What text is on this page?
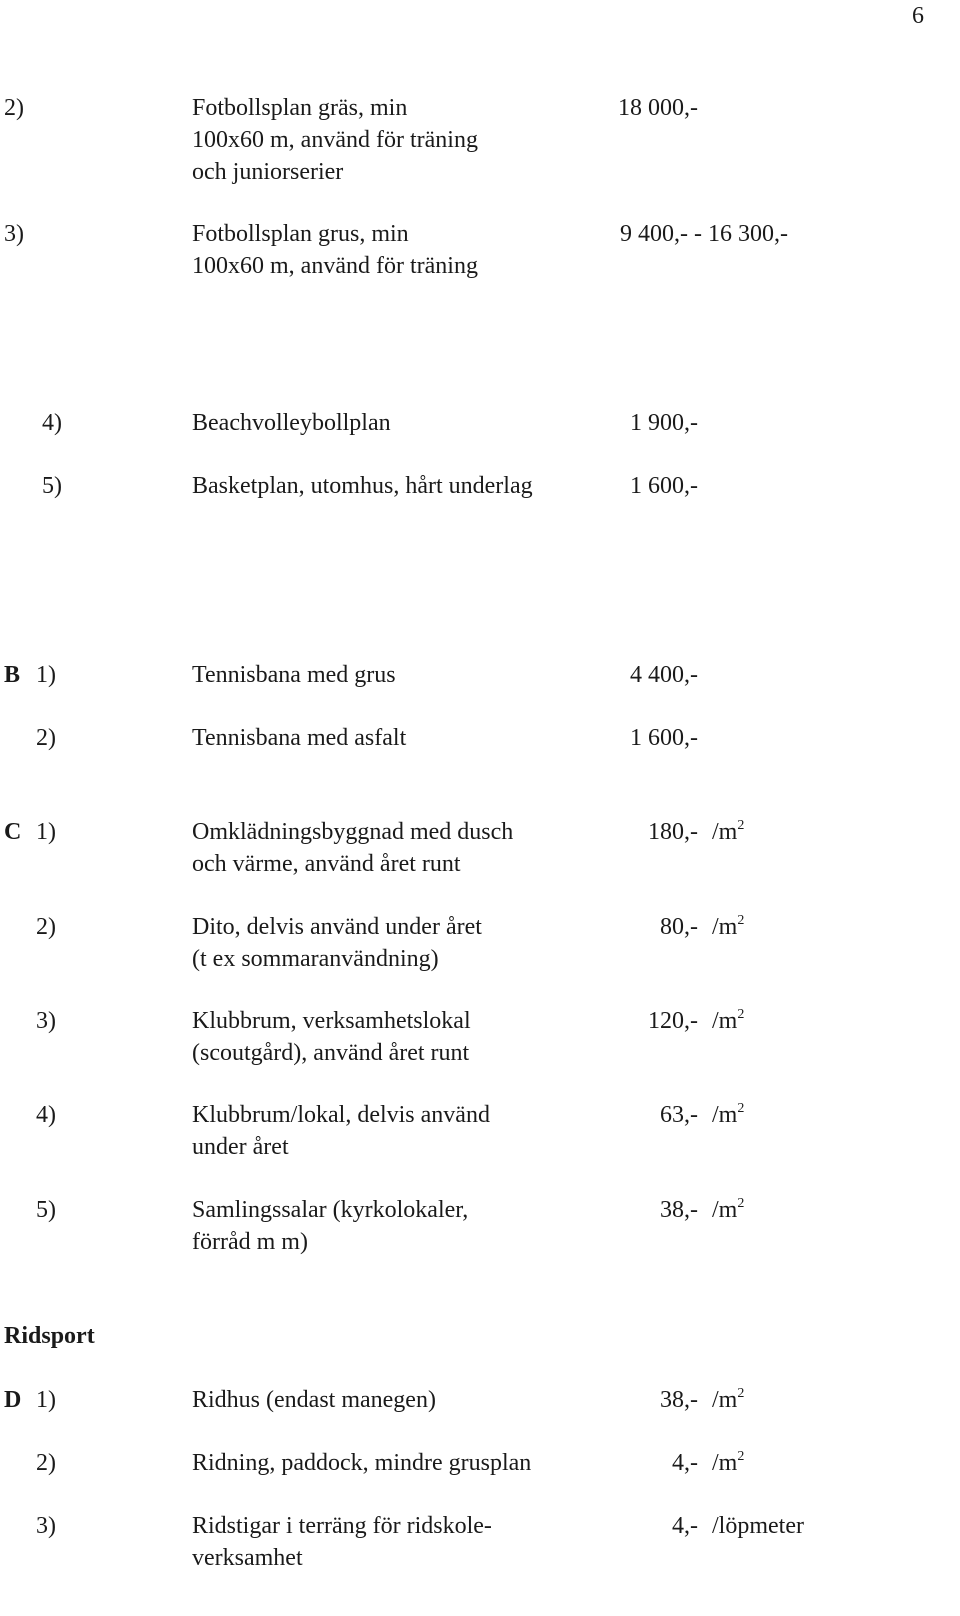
6
Ridsport
2)	Fotbollsplan gräs, min
100x60 m, använd för träning
och juniorserier
18 000,-
3)	Fotbollsplan grus, min
100x60 m, använd för träning
9 400,- - 16 300,-
4)	Beachvolleybollplan	1 900,-
5)	Basketplan, utomhus, hårt underlag	1 600,-
B 1)	Tennisbana med grus	4 400,-
2)	Tennisbana med asfalt	1 600,-
C 1)	Omklädningsbyggnad med dusch
och värme, använd året runt
180,- $/m^2$
2)	Dito, delvis använd under året
(t ex sommaranvändning)
80,- $/m^2$
3)	Klubbrum, verksamhetslokal
(scoutgård), använd året runt
120,- $/m^2$
4)	Klubbrum/lokal, delvis använd
under året
63,- $/m^2$
5)	Samlingssalar (kyrkolokaler,
förråd m m)
38,- $/m^2$
D 1)	Ridhus (endast manegen)	38,- $/m^2$
2)	Ridning, paddock, mindre grusplan	4,- $/m^2$
3)	Ridstigar i terräng för ridskole-
verksamhet
4,- /löpmeter
